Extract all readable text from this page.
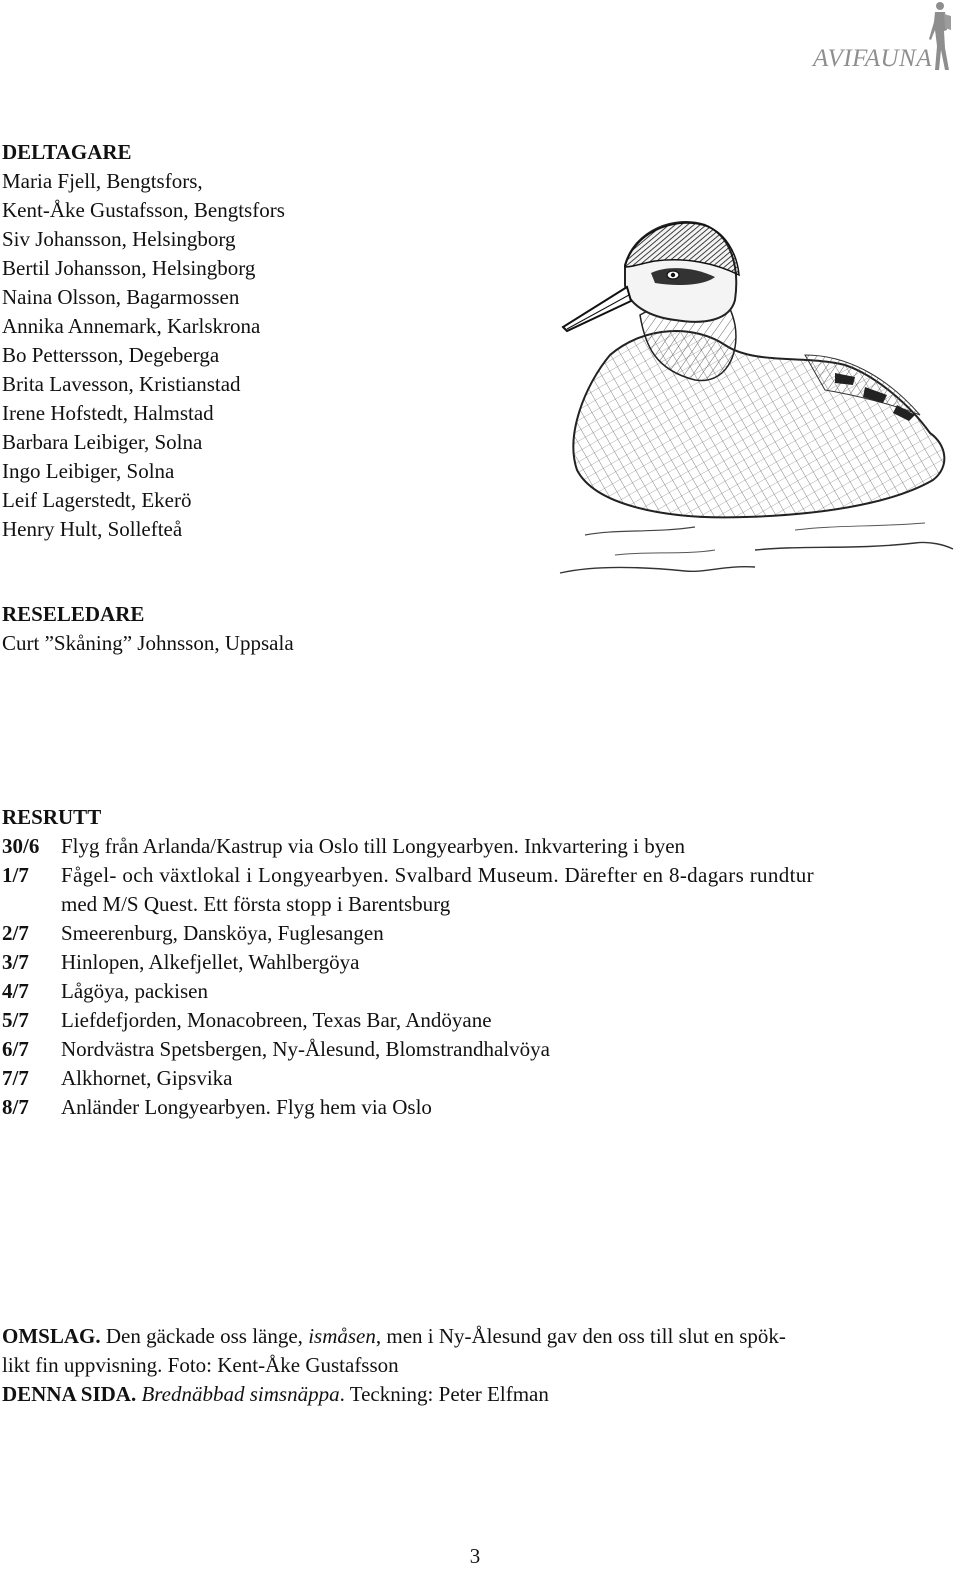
AVIFAUNA
DELTAGARE
Maria Fjell, Bengtsfors,
Kent-Åke Gustafsson, Bengtsfors
Siv Johansson, Helsingborg
Bertil Johansson, Helsingborg
Naina Olsson, Bagarmossen
Annika Annemark, Karlskrona
Bo Pettersson, Degeberga
Brita Lavesson, Kristianstad
Irene Hofstedt, Halmstad
Barbara Leibiger, Solna
Ingo Leibiger, Solna
Leif Lagerstedt, Ekerö
Henry Hult, Sollefteå
RESELEDARE
Curt ”Skåning” Johnsson, Uppsala
RESRUTT
30/6	Flyg från Arlanda/Kastrup via Oslo till Longyearbyen. Inkvartering i byen
1/7	Fågel- och växtlokal i Longyearbyen. Svalbard Museum. Därefter en 8-dagars rundtur
med M/S Quest. Ett första stopp i Barentsburg
2/7	Smeerenburg, Dansköya, Fuglesangen
3/7	Hinlopen, Alkefjellet, Wahlbergöya
4/7	Lågöya, packisen
5/7	Liefdefjorden, Monacobreen, Texas Bar, Andöyane
6/7	Nordvästra Spetsbergen, Ny-Ålesund, Blomstrandhalvöya
7/7	Alkhornet, Gipsvika
8/7	Anländer Longyearbyen. Flyg hem via Oslo
OMSLAG. Den gäckade oss länge, ismåsen, men i Ny-Ålesund gav den oss till slut en spök-
likt fin uppvisning. Foto: Kent-Åke Gustafsson
DENNA SIDA. Brednäbbad simsnäppa. Teckning: Peter Elfman
3
